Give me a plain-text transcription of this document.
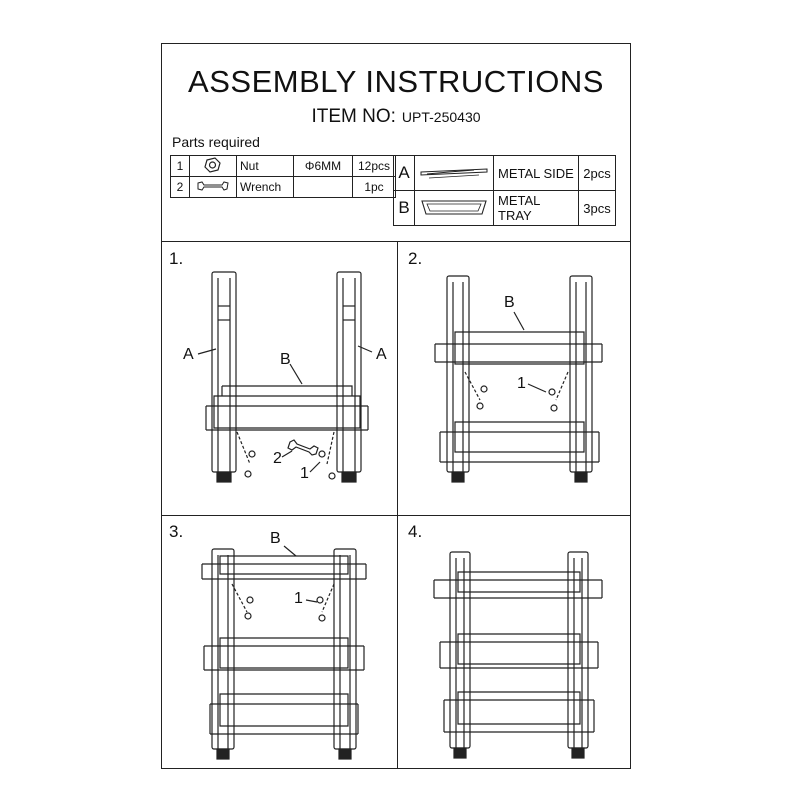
ASSEMBLY INSTRUCTIONS
ITEM NO: UPT-250430
Parts required
1		Nut	Φ6MM	12pcs
2		Wrench		1pc
A		METAL SIDE	2pcs
B		METAL TRAY	3pcs
1.	2.
3.	4.
A	B	A
2
1
B
1
B
1
